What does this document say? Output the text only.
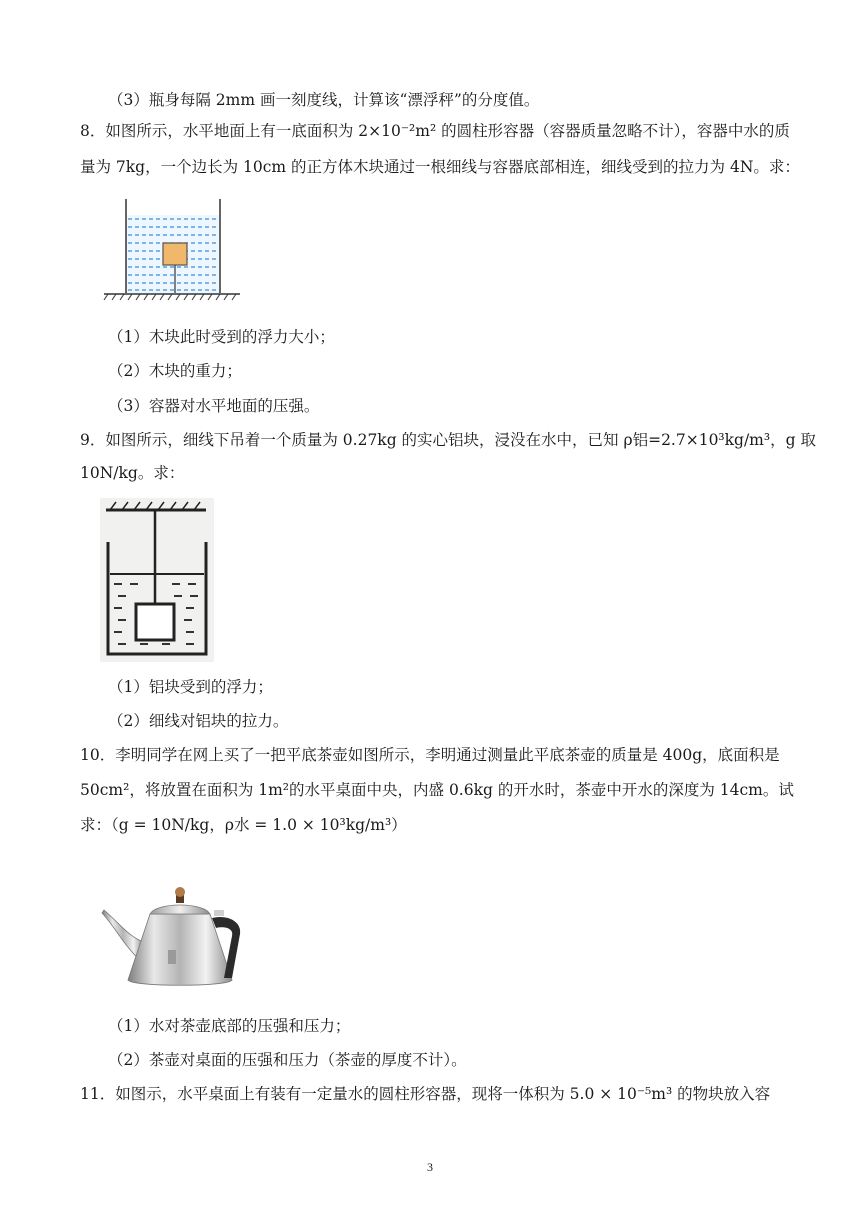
（3）瓶身每隔 2mm 画一刻度线，计算该“漂浮秤”的分度值。
8．如图所示，水平地面上有一底面积为 2×10⁻²m² 的圆柱形容器（容器质量忽略不计），容器中水的质
量为 7kg，一个边长为 10cm 的正方体木块通过一根细线与容器底部相连，细线受到的拉力为 4N。求：
（1）木块此时受到的浮力大小；
（2）木块的重力；
（3）容器对水平地面的压强。
9．如图所示，细线下吊着一个质量为 0.27kg 的实心铝块，浸没在水中，已知 ρ铝=2.7×10³kg/m³，g 取
10N/kg。求：
（1）铝块受到的浮力；
（2）细线对铝块的拉力。
10．李明同学在网上买了一把平底茶壶如图所示，李明通过测量此平底茶壶的质量是 400g，底面积是
50cm²，将放置在面积为 1m²的水平桌面中央，内盛 0.6kg 的开水时，茶壶中开水的深度为 14cm。试
求：（g = 10N/kg，ρ水 = 1.0 × 10³kg/m³）
（1）水对茶壶底部的压强和压力；
（2）茶壶对桌面的压强和压力（茶壶的厚度不计）。
11．如图示，水平桌面上有装有一定量水的圆柱形容器，现将一体积为 5.0 × 10⁻⁵m³ 的物块放入容
3
